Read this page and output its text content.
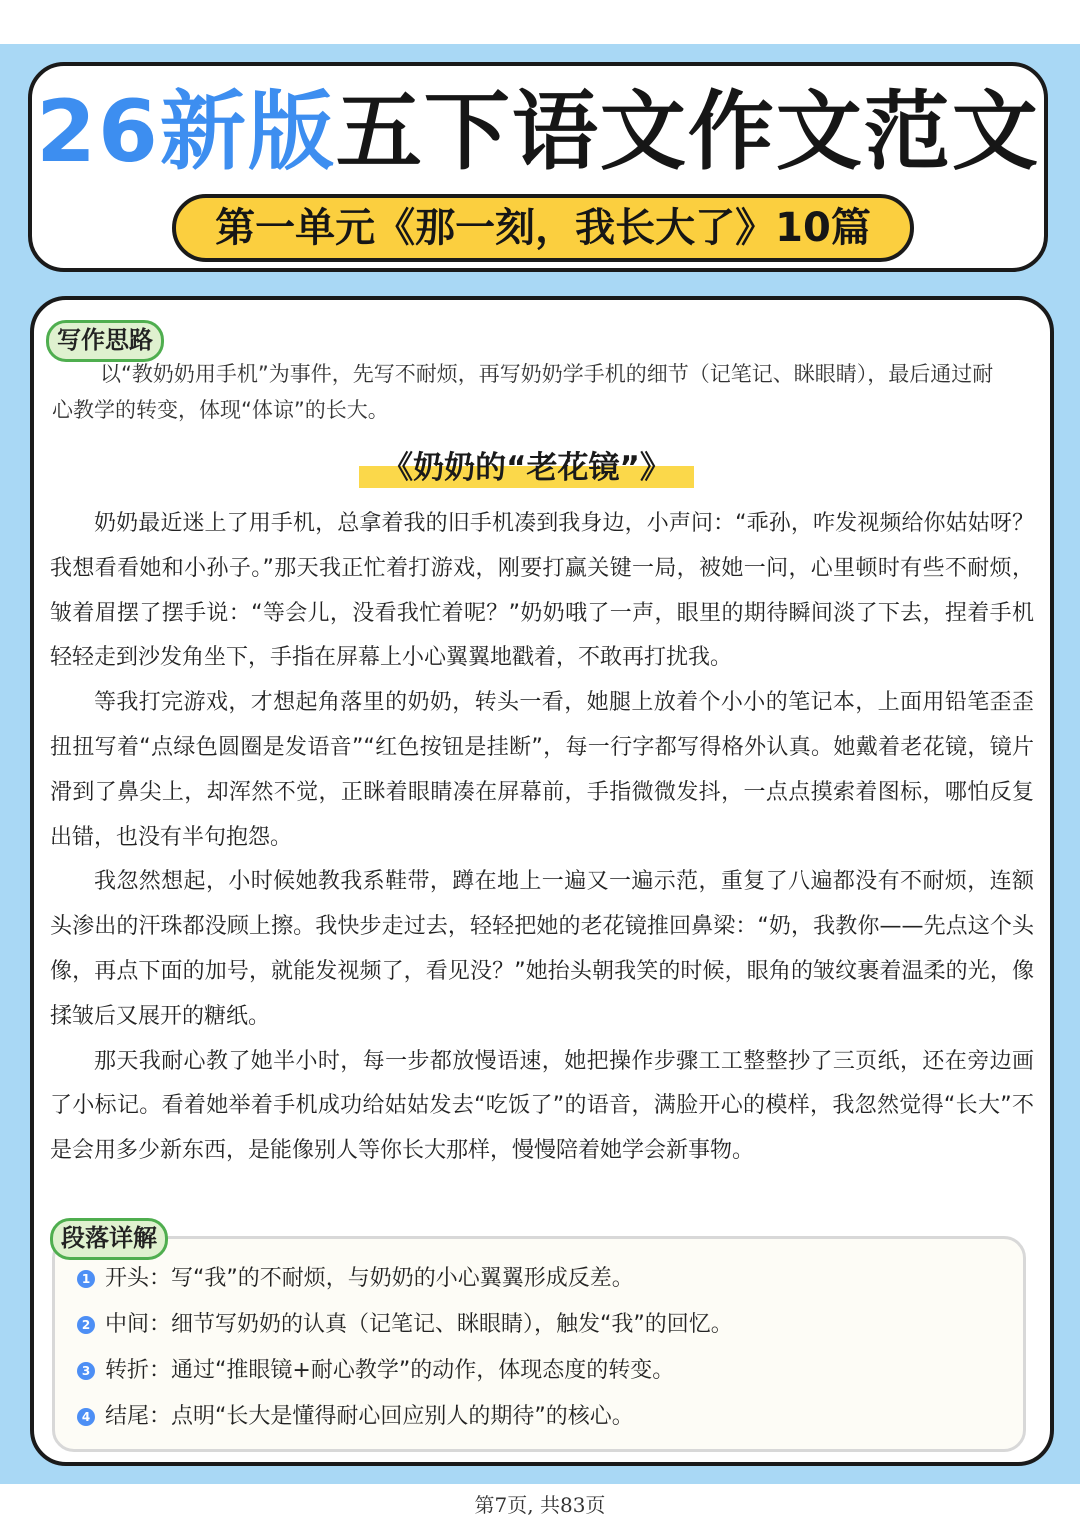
26新版五下语文作文范文
第一单元《那一刻，我长大了》10篇
写作思路
以“教奶奶用手机”为事件，先写不耐烦，再写奶奶学手机的细节（记笔记、眯眼睛），最后通过耐心教学的转变，体现“体谅”的长大。
《奶奶的“老花镜”》

奶奶最近迷上了用手机，总拿着我的旧手机凑到我身边，小声问：“乖孙，咋发视频给你姑姑呀？我想看看她和小孙子。”那天我正忙着打游戏，刚要打赢关键一局，被她一问，心里顿时有些不耐烦，皱着眉摆了摆手说：“等会儿，没看我忙着呢？”奶奶哦了一声，眼里的期待瞬间淡了下去，捏着手机轻轻走到沙发角坐下，手指在屏幕上小心翼翼地戳着，不敢再打扰我。

等我打完游戏，才想起角落里的奶奶，转头一看，她腿上放着个小小的笔记本，上面用铅笔歪歪扭扭写着“点绿色圆圈是发语音”“红色按钮是挂断”，每一行字都写得格外认真。她戴着老花镜，镜片滑到了鼻尖上，却浑然不觉，正眯着眼睛凑在屏幕前，手指微微发抖，一点点摸索着图标，哪怕反复出错，也没有半句抱怨。

我忽然想起，小时候她教我系鞋带，蹲在地上一遍又一遍示范，重复了八遍都没有不耐烦，连额头渗出的汗珠都没顾上擦。我快步走过去，轻轻把她的老花镜推回鼻梁：“奶，我教你——先点这个头像，再点下面的加号，就能发视频了，看见没？”她抬头朝我笑的时候，眼角的皱纹裹着温柔的光，像揉皱后又展开的糖纸。

那天我耐心教了她半小时，每一步都放慢语速，她把操作步骤工工整整抄了三页纸，还在旁边画了小标记。看着她举着手机成功给姑姑发去“吃饭了”的语音，满脸开心的模样，我忽然觉得“长大”不是会用多少新东西，是能像别人等你长大那样，慢慢陪着她学会新事物。

1 开头：写“我”的不耐烦，与奶奶的小心翼翼形成反差。
2 中间：细节写奶奶的认真（记笔记、眯眼睛），触发“我”的回忆。
3 转折：通过“推眼镜+耐心教学”的动作，体现态度的转变。
4 结尾：点明“长大是懂得耐心回应别人的期待”的核心。
段落详解
第7页, 共83页
